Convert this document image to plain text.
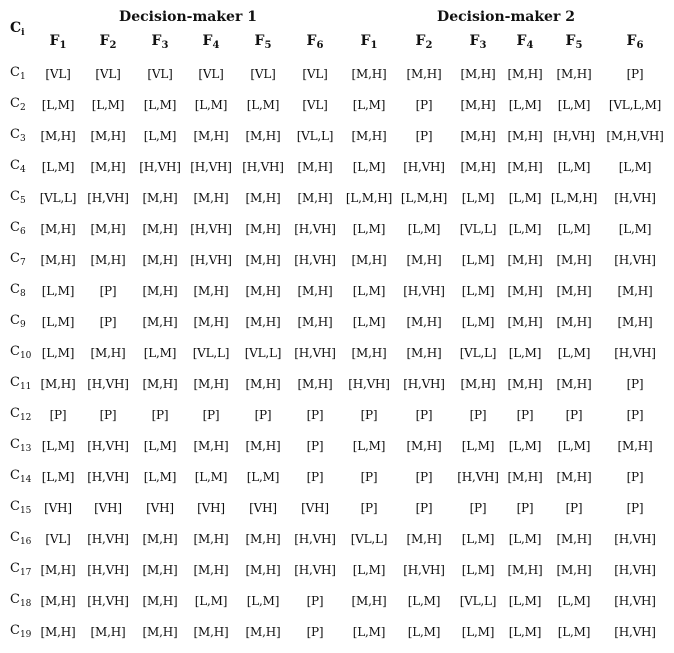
$C_i$
Decision-maker 1	Decision-maker 2
$F_1$ $F_2$	$F_3$ $F_4$	$F_5$	$F_6$	$F_1$	$F_2$	$F_3$ $F_4$ $F_5$	$F_6$
$C_1$ [VL] [VL] [VL] [VL] [VL] [VL] [M,H] [M,H] [M,H] [M,H] [M,H]	[P]
$C_2$ [L,M] [L,M] [L,M] [L,M] [L,M] [VL] [L,M]	[P] [M,H] [L,M] [L,M] [VL,L,M]
$C_3$ [M,H] [M,H] [L,M] [M,H] [M,H] [VL,L] [M,H] [P] [M,H] [M,H] [H,VH] [M,H,VH]
$C_4$ [L,M] [M,H] [H,VH] [H,VH] [H,VH] [M,H] [L,M] [H,VH] [M,H] [M,H] [L,M] [L,M]
$C_5$ [VL,L] [H,VH] [M,H] [M,H] [M,H] [M,H] [L,M,H] [L,M,H] [L,M] [L,M] [L,M,H] [H,VH]
$C_6$ [M,H] [M,H] [M,H] [H,VH] [M,H] [H,VH] [L,M] [L,M] [VL,L] [L,M] [L,M] [L,M]
$C_7$ [M,H] [M,H] [M,H] [H,VH] [M,H] [H,VH] [M,H] [M,H] [L,M] [M,H] [M,H] [H,VH]
$C_8$ [L,M] [P] [M,H] [M,H] [M,H] [M,H] [L,M] [H,VH] [L,M] [M,H] [M,H] [M,H]
$C_9$ [L,M] [P] [M,H] [M,H] [M,H] [M,H] [L,M] [M,H] [L,M] [M,H] [M,H] [M,H]
$C_{10}$ [L,M] [M,H] [L,M] [VL,L] [VL,L] [H,VH] [M,H] [M,H] [VL,L] [L,M] [L,M] [H,VH]
$C_{11}$ [M,H] [H,VH] [M,H] [M,H] [M,H] [M,H] [H,VH] [H,VH] [M,H] [M,H] [M,H]	[P]
$C_{12}$ [P]	[P]	[P]	[P]	[P]	[P]	[P]	[P]	[P]	[P]	[P]	[P]
$C_{13}$ [L,M] [H,VH] [L,M] [M,H] [M,H] [P] [L,M] [M,H] [L,M] [L,M] [L,M] [M,H]
$C_{14}$ [L,M] [H,VH] [L,M] [L,M] [L,M] [P]	[P]	[P] [H,VH] [M,H] [M,H]	[P]
$C_{15}$ [VH] [VH] [VH] [VH] [VH] [VH]	[P]	[P]	[P]	[P]	[P]	[P]
$C_{16}$ [VL] [H,VH] [M,H] [M,H] [M,H] [H,VH] [VL,L] [M,H] [L,M] [L,M] [M,H] [H,VH]
$C_{17}$ [M,H] [H,VH] [M,H] [M,H] [M,H] [H,VH] [L,M] [H,VH] [L,M] [M,H] [M,H] [H,VH]
$C_{18}$ [M,H] [H,VH] [M,H] [L,M] [L,M] [P] [M,H] [L,M] [VL,L] [L,M] [L,M] [H,VH]
$C_{19}$ [M,H] [M,H] [M,H] [M,H] [M,H] [P] [L,M] [L,M] [L,M] [L,M] [L,M] [H,VH]
